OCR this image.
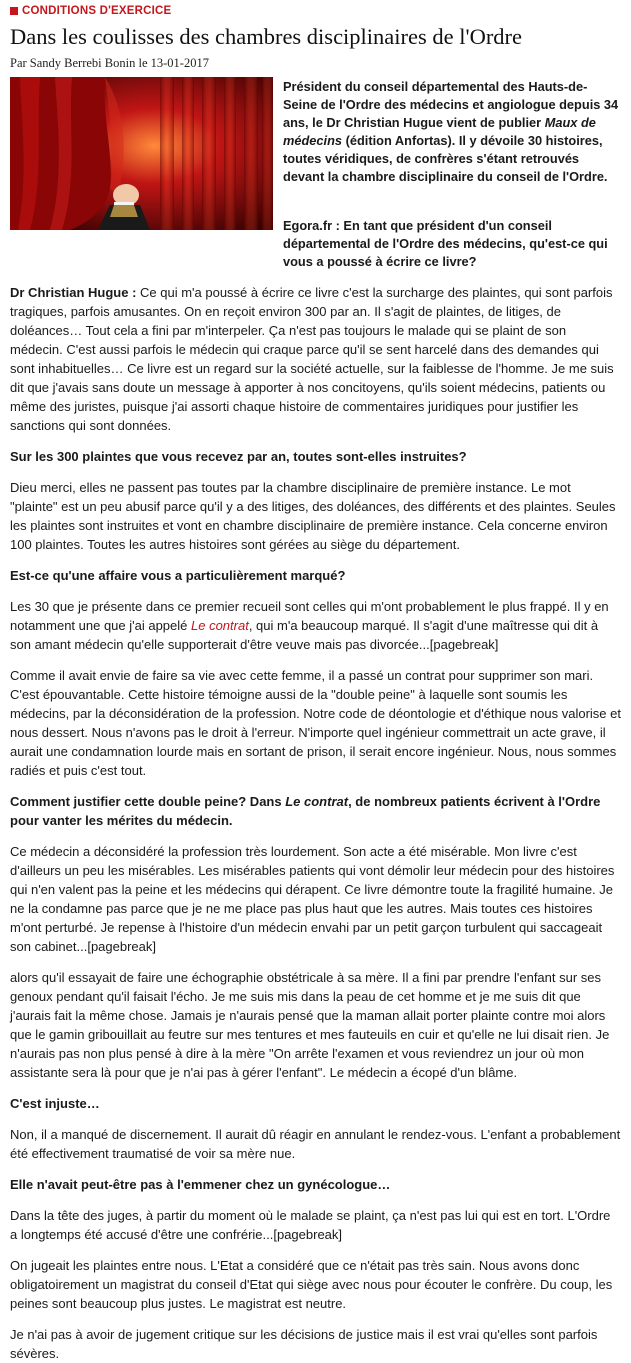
CONDITIONS D'EXERCICE
Dans les coulisses des chambres disciplinaires de l'Ordre
Par Sandy Berrebi Bonin le 13-01-2017

Président du conseil départemental des Hauts-de-Seine de l'Ordre des médecins et angiologue depuis 34 ans, le Dr Christian Hugue vient de publier Maux de médecins (édition Anfortas). Il y dévoile 30 histoires, toutes véridiques, de confrères s'étant retrouvés devant la chambre disciplinaire du conseil de l'Ordre.

Egora.fr : En tant que président d'un conseil départemental de l'Ordre des médecins, qu'est-ce qui vous a poussé à écrire ce livre?

Dr Christian Hugue : Ce qui m'a poussé à écrire ce livre c'est la surcharge des plaintes, qui sont parfois tragiques, parfois amusantes. On en reçoit environ 300 par an. Il s'agit de plaintes, de litiges, de doléances… Tout cela a fini par m'interpeler. Ça n'est pas toujours le malade qui se plaint de son médecin. C'est aussi parfois le médecin qui craque parce qu'il se sent harcelé dans des demandes qui sont inhabituelles… Ce livre est un regard sur la société actuelle, sur la faiblesse de l'homme. Je me suis dit que j'avais sans doute un message à apporter à nos concitoyens, qu'ils soient médecins, patients ou même des juristes, puisque j'ai assorti chaque histoire de commentaires juridiques pour justifier les sanctions qui sont données.

Sur les 300 plaintes que vous recevez par an, toutes sont-elles instruites?

Dieu merci, elles ne passent pas toutes par la chambre disciplinaire de première instance. Le mot "plainte" est un peu abusif parce qu'il y a des litiges, des doléances, des différents et des plaintes. Seules les plaintes sont instruites et vont en chambre disciplinaire de première instance. Cela concerne environ 100 plaintes. Toutes les autres histoires sont gérées au siège du département.

Est-ce qu'une affaire vous a particulièrement marqué?

Les 30 que je présente dans ce premier recueil sont celles qui m'ont probablement le plus frappé. Il y en notamment une que j'ai appelé Le contrat, qui m'a beaucoup marqué. Il s'agit d'une maîtresse qui dit à son amant médecin qu'elle supporterait d'être veuve mais pas divorcée...[pagebreak]

Comme il avait envie de faire sa vie avec cette femme, il a passé un contrat pour supprimer son mari. C'est épouvantable. Cette histoire témoigne aussi de la "double peine" à laquelle sont soumis les médecins, par la déconsidération de la profession. Notre code de déontologie et d'éthique nous valorise et nous dessert. Nous n'avons pas le droit à l'erreur. N'importe quel ingénieur commettrait un acte grave, il aurait une condamnation lourde mais en sortant de prison, il serait encore ingénieur. Nous, nous sommes radiés et puis c'est tout.

Comment justifier cette double peine? Dans Le contrat, de nombreux patients écrivent à l'Ordre pour vanter les mérites du médecin.

Ce médecin a déconsidéré la profession très lourdement. Son acte a été misérable. Mon livre c'est d'ailleurs un peu les misérables. Les misérables patients qui vont démolir leur médecin pour des histoires qui n'en valent pas la peine et les médecins qui dérapent. Ce livre démontre toute la fragilité humaine. Je ne la condamne pas parce que je ne me place pas plus haut que les autres. Mais toutes ces histoires m'ont perturbé. Je repense à l'histoire d'un médecin envahi par un petit garçon turbulent qui saccageait son cabinet...[pagebreak]

alors qu'il essayait de faire une échographie obstétricale à sa mère. Il a fini par prendre l'enfant sur ses genoux pendant qu'il faisait l'écho. Je me suis mis dans la peau de cet homme et je me suis dit que j'aurais fait la même chose. Jamais je n'aurais pensé que la maman allait porter plainte contre moi alors que le gamin gribouillait au feutre sur mes tentures et mes fauteuils en cuir et qu'elle ne lui disait rien. Je n'aurais pas non plus pensé à dire à la mère "On arrête l'examen et vous reviendrez un jour où mon assistante sera là pour que je n'ai pas à gérer l'enfant". Le médecin a écopé d'un blâme.

C'est injuste…

Non, il a manqué de discernement. Il aurait dû réagir en annulant le rendez-vous. L'enfant a probablement été effectivement traumatisé de voir sa mère nue.

Elle n'avait peut-être pas à l'emmener chez un gynécologue…

Dans la tête des juges, à partir du moment où le malade se plaint, ça n'est pas lui qui est en tort. L'Ordre a longtemps été accusé d'être une confrérie...[pagebreak]

On jugeait les plaintes entre nous. L'Etat a considéré que ce n'était pas très sain. Nous avons donc obligatoirement un magistrat du conseil d'Etat qui siège avec nous pour écouter le confrère. Du coup, les peines sont beaucoup plus justes. Le magistrat est neutre.

Je n'ai pas à avoir de jugement critique sur les décisions de justice mais il est vrai qu'elles sont parfois sévères.
